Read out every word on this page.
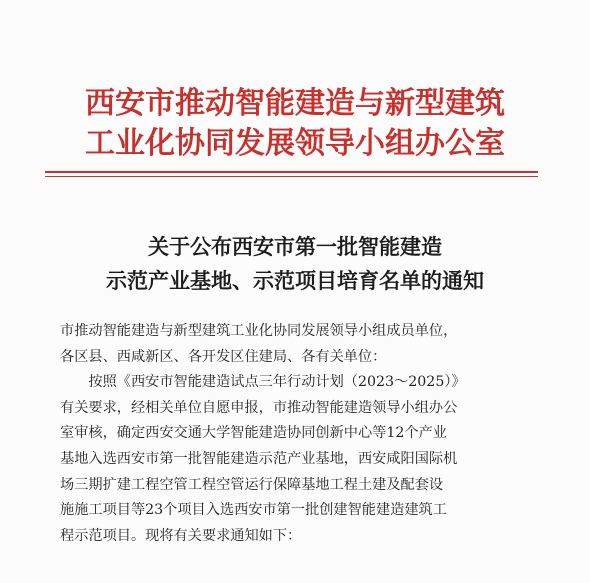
西安市推动智能建造与新型建筑
工业化协同发展领导小组办公室
关于公布西安市第一批智能建造
示范产业基地、示范项目培育名单的通知

市推动智能建造与新型建筑工业化协同发展领导小组成员单位，

各区县、西咸新区、各开发区住建局、各有关单位：

按照《西安市智能建造试点三年行动计划（2023～2025）》

有关要求，经相关单位自愿申报，市推动智能建造领导小组办公

室审核，确定西安交通大学智能建造协同创新中心等12个产业

基地入选西安市第一批智能建造示范产业基地，西安咸阳国际机

场三期扩建工程空管工程空管运行保障基地工程土建及配套设

施施工项目等23个项目入选西安市第一批创建智能建造建筑工

程示范项目。现将有关要求通知如下：
